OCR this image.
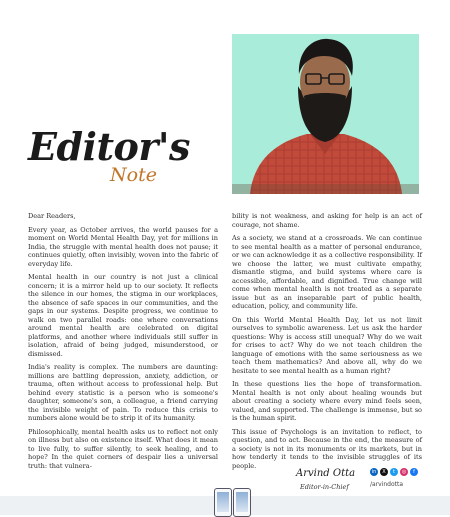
Editor's
Note

Dear Readers,

Every year, as October arrives, the world pauses for a moment on World Mental Health Day, yet for millions in India, the struggle with mental health does not pause; it continues quietly, often invisibly, woven into the fabric of everyday life.

Mental health in our country is not just a clinical concern; it is a mirror held up to our society. It reflects the silence in our homes, the stigma in our workplaces, the absence of safe spaces in our communities, and the gaps in our systems. Despite progress, we continue to walk on two parallel roads: one where conversations around mental health are celebrated on digital platforms, and another where individuals still suffer in isolation, afraid of being judged, misunderstood, or dismissed.

India's reality is complex. The numbers are daunting: millions are battling depression, anxiety, addiction, or trauma, often without access to professional help. But behind every statistic is a person who is someone's daughter, someone's son, a colleague, a friend carrying the invisible weight of pain. To reduce this crisis to numbers alone would be to strip it of its humanity.

Philosophically, mental health asks us to reflect not only on illness but also on existence itself. What does it mean to live fully, to suffer silently, to seek healing, and to hope? In the quiet corners of despair lies a universal truth: that vulnera-

bility is not weakness, and asking for help is an act of courage, not shame.

As a society, we stand at a crossroads. We can continue to see mental health as a matter of personal endurance, or we can acknowledge it as a collective responsibility. If we choose the latter, we must cultivate empathy, dismantle stigma, and build systems where care is accessible, affordable, and dignified. True change will come when mental health is not treated as a separate issue but as an inseparable part of public health, education, policy, and community life.

On this World Mental Health Day, let us not limit ourselves to symbolic awareness. Let us ask the harder questions: Why is access still unequal? Why do we wait for crises to act? Why do we not teach children the language of emotions with the same seriousness as we teach them mathematics? And above all, why do we hesitate to see mental health as a human right?

In these questions lies the hope of transformation. Mental health is not only about healing wounds but about creating a society where every mind feels seen, valued, and supported. The challenge is immense, but so is the human spirit.

This issue of Psychologs is an invitation to reflect, to question, and to act. Because in the end, the measure of a society is not in its monuments or its markets, but in how tenderly it tends to the invisible struggles of its people.

Arvind Otta
Editor-in-Chief
in	X	t	◎	f
/arvindotta
